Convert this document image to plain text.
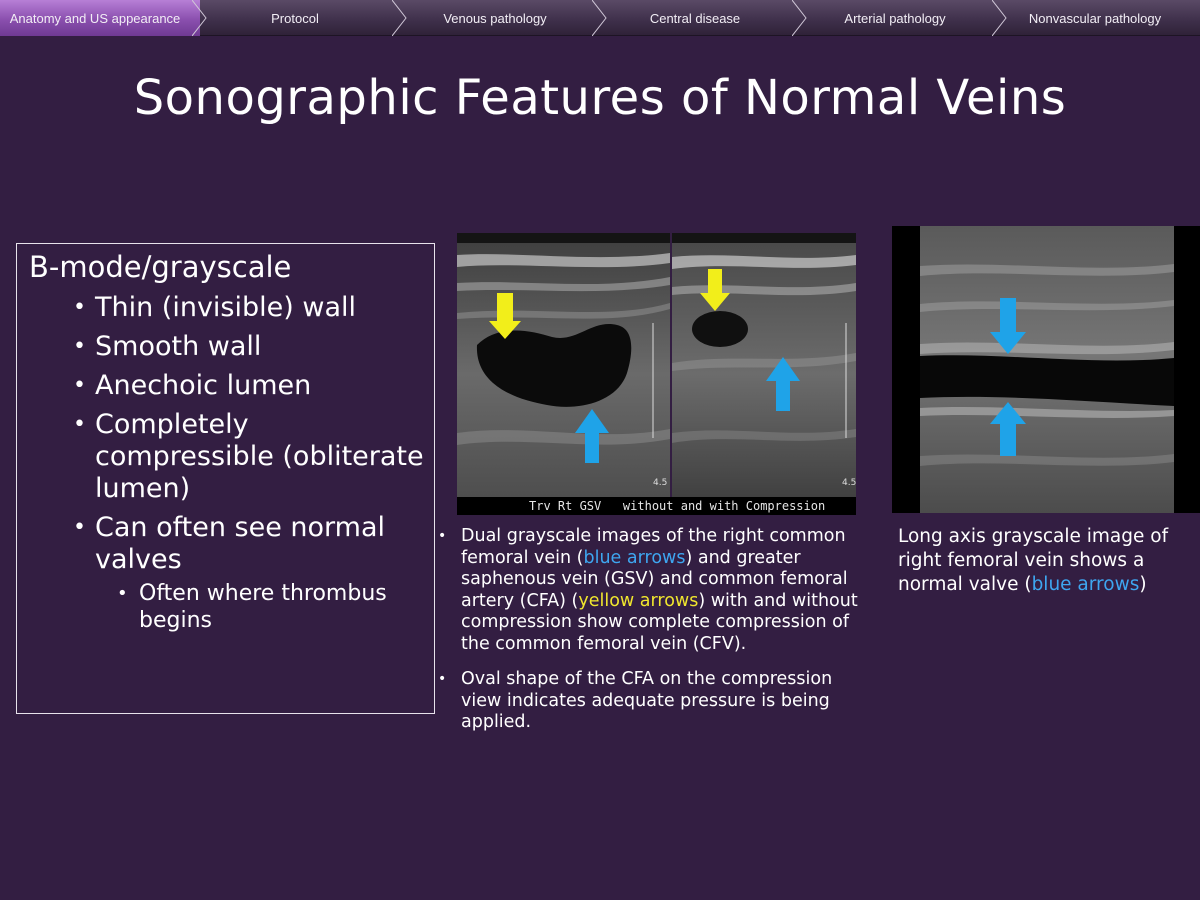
Anatomy and US appearance	Protocol	Venous pathology	Central disease	Arterial pathology	Nonvascular pathology
Sonographic Features of Normal Veins
B-mode/grayscale
• Thin (invisible) wall
• Smooth wall
• Anechoic lumen
• Completely compressible (obliterate lumen)
• Can often see normal valves
• Often where thrombus begins
4.5	4.5
Trv Rt GSV   without and with Compression
• Dual grayscale images of the right common femoral vein (blue arrows) and greater saphenous vein (GSV) and common femoral artery (CFA) (yellow arrows) with and without compression show complete compression of the common femoral vein (CFV).
• Oval shape of the CFA on the compression view indicates adequate pressure is being applied.
Long axis grayscale image of right femoral vein shows a normal valve (blue arrows)
